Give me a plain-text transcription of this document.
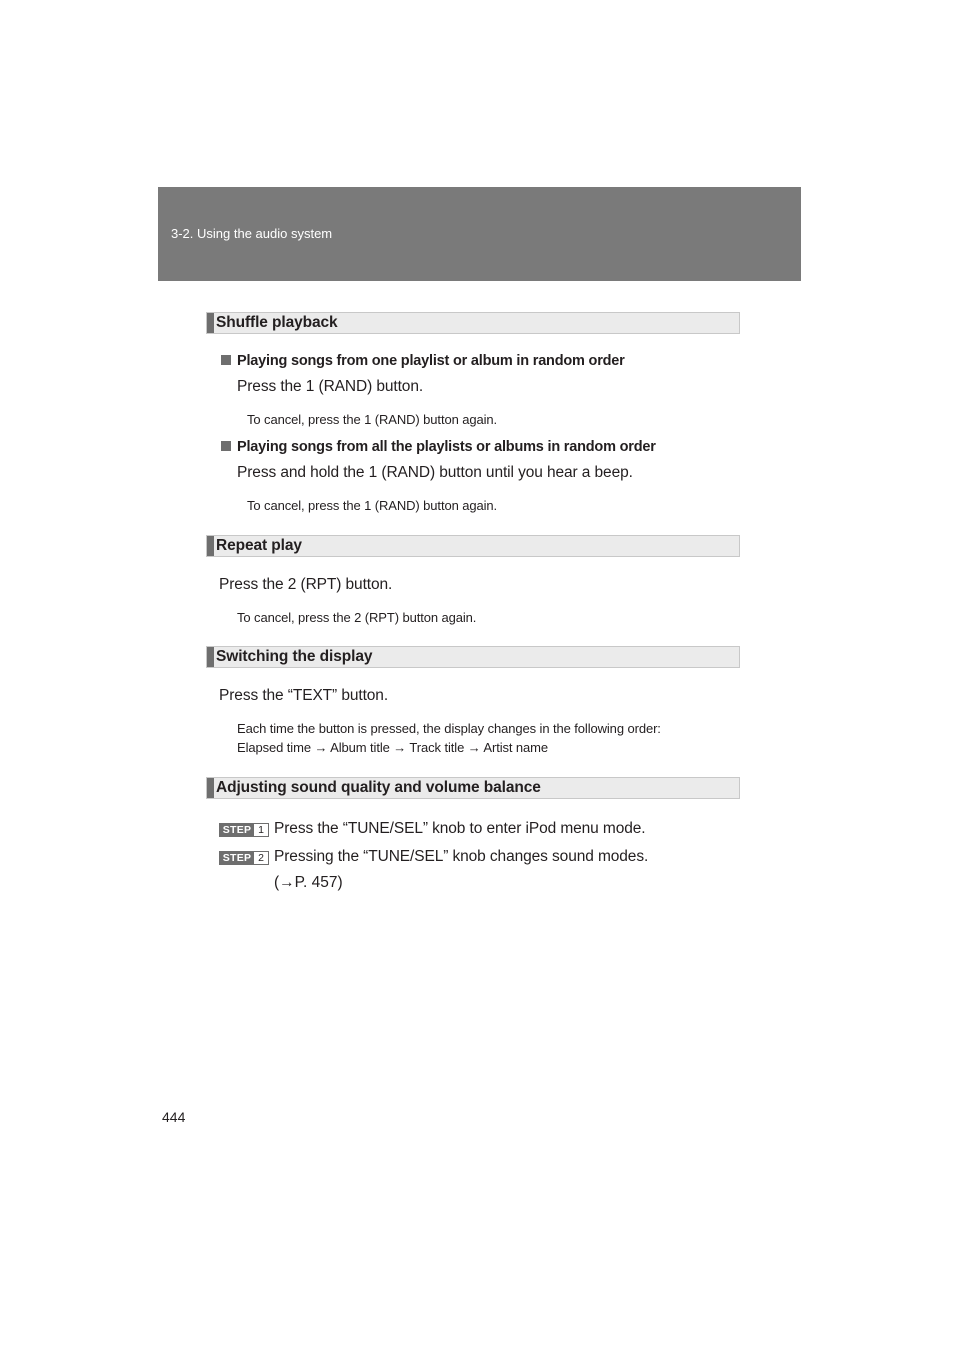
3-2. Using the audio system
Shuffle playback
Playing songs from one playlist or album in random order
Press the 1 (RAND) button.
To cancel, press the 1 (RAND) button again.
Playing songs from all the playlists or albums in random order
Press and hold the 1 (RAND) button until you hear a beep.
To cancel, press the 1 (RAND) button again.
Repeat play
Press the 2 (RPT) button.
To cancel, press the 2 (RPT) button again.
Switching the display
Press the “TEXT” button.
Each time the button is pressed, the display changes in the following order:
Elapsed time → Album title → Track title → Artist name
Adjusting sound quality and volume balance
STEP 1 Press the “TUNE/SEL” knob to enter iPod menu mode.
STEP 2 Pressing the “TUNE/SEL” knob changes sound modes.
(→P. 457)
444
